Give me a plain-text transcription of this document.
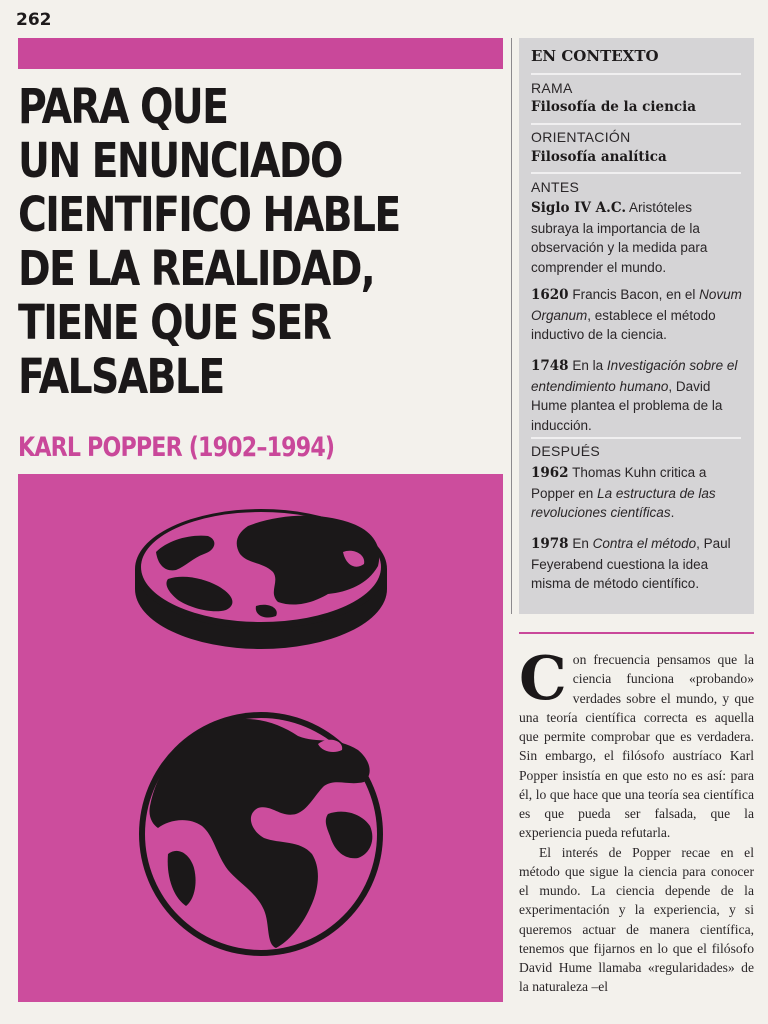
262
PARA QUE
UN ENUNCIADO
CIENTIFICO HABLE
DE LA REALIDAD,
TIENE QUE SER
FALSABLE
KARL POPPER (1902–1994)
EN CONTEXTO
RAMA
Filosofía de la ciencia
ORIENTACIÓN
Filosofía analítica
ANTES
Siglo IV A.C. Aristóteles subraya la importancia de la observación y la medida para comprender el mundo.
1620 Francis Bacon, en el Novum Organum, establece el método inductivo de la ciencia.
1748 En la Investigación sobre el entendimiento humano, David Hume plantea el problema de la inducción.
DESPUÉS
1962 Thomas Kuhn critica a Popper en La estructura de las revoluciones científicas.
1978 En Contra el método, Paul Feyerabend cuestiona la idea misma de método científico.

Con frecuencia pensamos que la ciencia funciona «probando» verdades sobre el mundo, y que una teoría científica correcta es aquella que permite comprobar que es verdadera. Sin embargo, el filósofo austríaco Karl Popper insistía en que esto no es así: para él, lo que hace que una teoría sea científica es que pueda ser falsada, que la experiencia pueda refutarla.

El interés de Popper recae en el método que sigue la ciencia para conocer el mundo. La ciencia depende de la experimentación y la experiencia, y si queremos actuar de manera científica, tenemos que fijarnos en lo que el filósofo David Hume llamaba «regularidades» de la naturaleza –el
